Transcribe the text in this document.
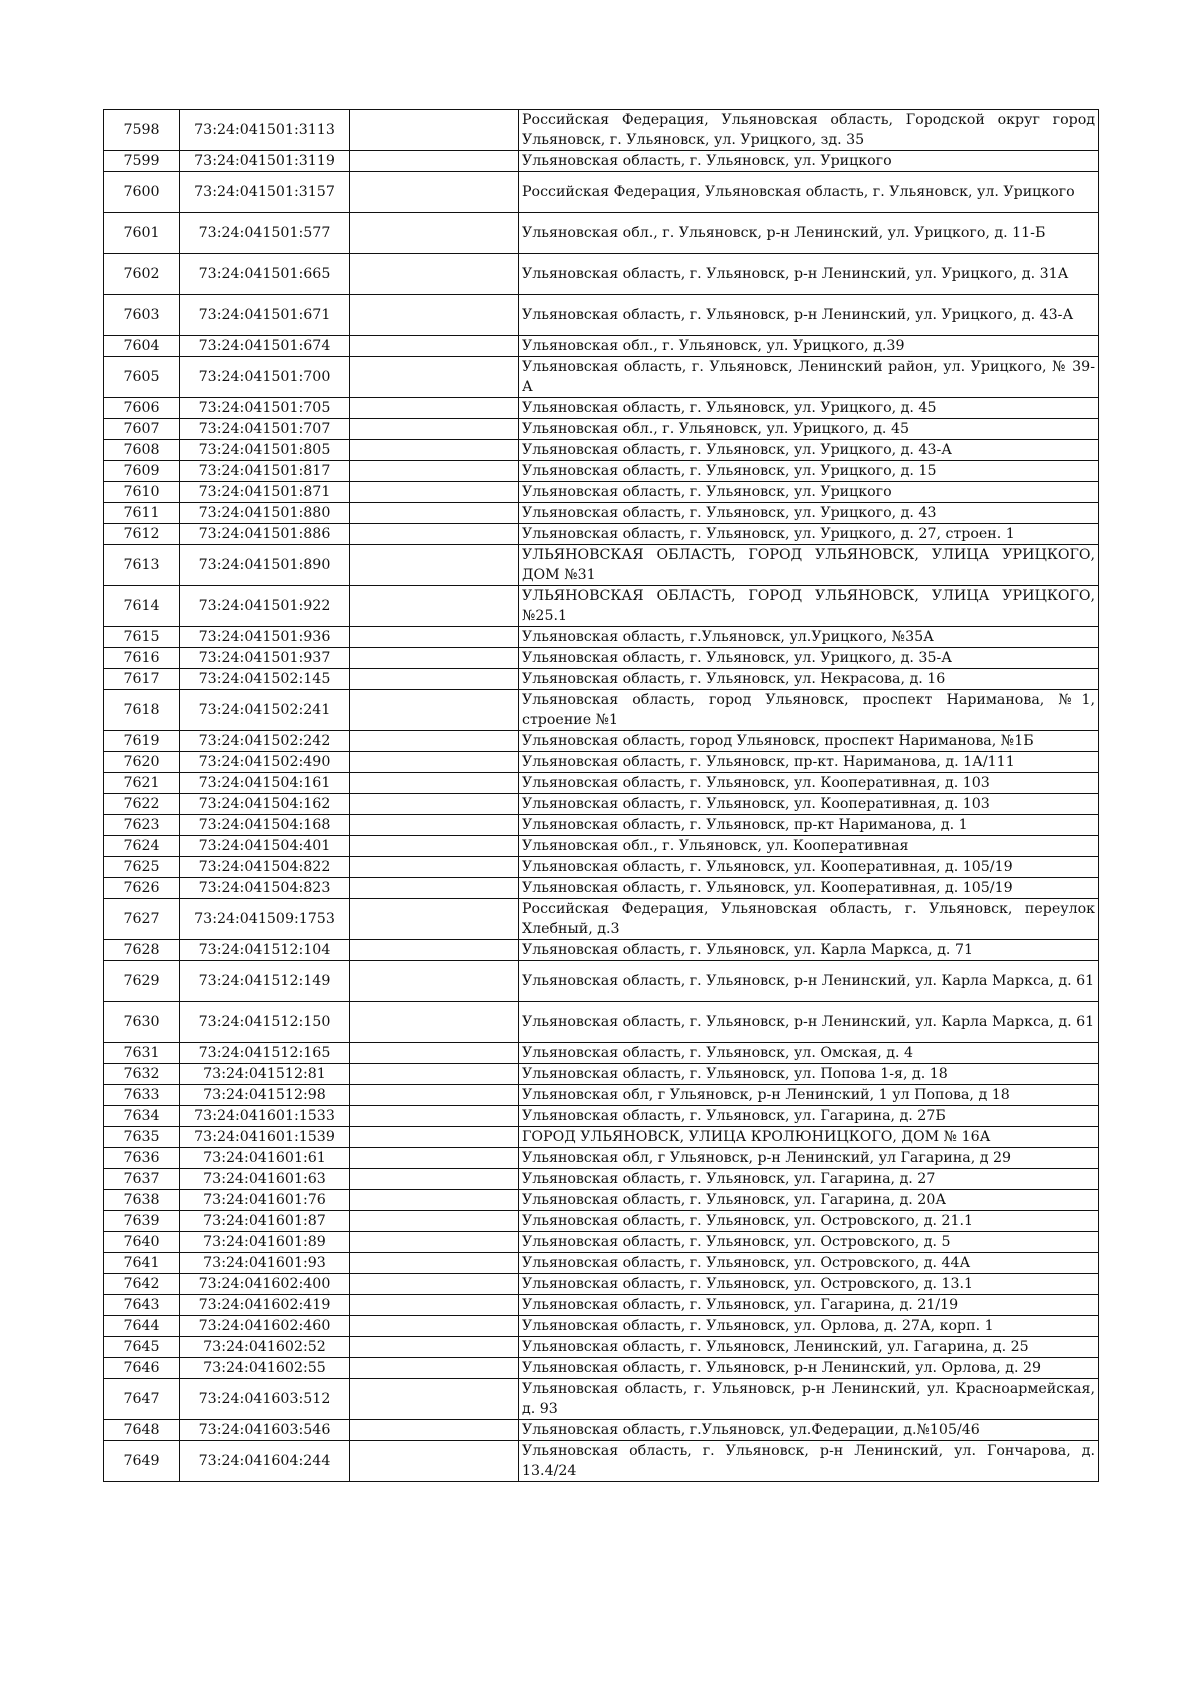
7598	73:24:041501:3113		Российская Федерация, Ульяновская область, Городской округ город Ульяновск, г. Ульяновск, ул. Урицкого, зд. 35
7599	73:24:041501:3119		Ульяновская область, г. Ульяновск, ул. Урицкого
7600	73:24:041501:3157		Российская Федерация, Ульяновская область, г. Ульяновск, ул. Урицкого
7601	73:24:041501:577		Ульяновская обл., г. Ульяновск, р-н Ленинский, ул. Урицкого, д. 11-Б
7602	73:24:041501:665		Ульяновская область, г. Ульяновск, р-н Ленинский, ул. Урицкого, д. 31А
7603	73:24:041501:671		Ульяновская область, г. Ульяновск, р-н Ленинский, ул. Урицкого, д. 43-А
7604	73:24:041501:674		Ульяновская обл., г. Ульяновск, ул. Урицкого, д.39
7605	73:24:041501:700		Ульяновская область, г. Ульяновск, Ленинский район, ул. Урицкого, № 39-А
7606	73:24:041501:705		Ульяновская область, г. Ульяновск, ул. Урицкого, д. 45
7607	73:24:041501:707		Ульяновская обл., г. Ульяновск, ул. Урицкого, д. 45
7608	73:24:041501:805		Ульяновская область, г. Ульяновск, ул. Урицкого, д. 43-А
7609	73:24:041501:817		Ульяновская область, г. Ульяновск, ул. Урицкого, д. 15
7610	73:24:041501:871		Ульяновская область, г. Ульяновск, ул. Урицкого
7611	73:24:041501:880		Ульяновская область, г. Ульяновск, ул. Урицкого, д. 43
7612	73:24:041501:886		Ульяновская область, г. Ульяновск, ул. Урицкого, д. 27, строен. 1
7613	73:24:041501:890		УЛЬЯНОВСКАЯ ОБЛАСТЬ, ГОРОД УЛЬЯНОВСК, УЛИЦА УРИЦКОГО, ДОМ №31
7614	73:24:041501:922		УЛЬЯНОВСКАЯ ОБЛАСТЬ, ГОРОД УЛЬЯНОВСК, УЛИЦА УРИЦКОГО, №25.1
7615	73:24:041501:936		Ульяновская область, г.Ульяновск, ул.Урицкого, №35А
7616	73:24:041501:937		Ульяновская область, г. Ульяновск, ул. Урицкого, д. 35-А
7617	73:24:041502:145		Ульяновская область, г. Ульяновск, ул. Некрасова, д. 16
7618	73:24:041502:241		Ульяновская область, город Ульяновск, проспект Нариманова, №1, строение №1
7619	73:24:041502:242		Ульяновская область, город Ульяновск, проспект Нариманова, №1Б
7620	73:24:041502:490		Ульяновская область, г. Ульяновск, пр-кт. Нариманова, д. 1А/111
7621	73:24:041504:161		Ульяновская область, г. Ульяновск, ул. Кооперативная, д. 103
7622	73:24:041504:162		Ульяновская область, г. Ульяновск, ул. Кооперативная, д. 103
7623	73:24:041504:168		Ульяновская область, г. Ульяновск, пр-кт Нариманова, д. 1
7624	73:24:041504:401		Ульяновская обл., г. Ульяновск, ул. Кооперативная
7625	73:24:041504:822		Ульяновская область, г. Ульяновск, ул. Кооперативная, д. 105/19
7626	73:24:041504:823		Ульяновская область, г. Ульяновск, ул. Кооперативная, д. 105/19
7627	73:24:041509:1753		Российская Федерация, Ульяновская область, г. Ульяновск, переулок Хлебный, д.3
7628	73:24:041512:104		Ульяновская область, г. Ульяновск, ул. Карла Маркса, д. 71
7629	73:24:041512:149		Ульяновская область, г. Ульяновск, р-н Ленинский, ул. Карла Маркса, д. 61
7630	73:24:041512:150		Ульяновская область, г. Ульяновск, р-н Ленинский, ул. Карла Маркса, д. 61
7631	73:24:041512:165		Ульяновская область, г. Ульяновск, ул. Омская, д. 4
7632	73:24:041512:81		Ульяновская область, г. Ульяновск, ул. Попова 1-я, д. 18
7633	73:24:041512:98		Ульяновская обл, г Ульяновск, р-н Ленинский, 1 ул Попова, д 18
7634	73:24:041601:1533		Ульяновская область, г. Ульяновск, ул. Гагарина, д. 27Б
7635	73:24:041601:1539		ГОРОД УЛЬЯНОВСК, УЛИЦА КРОЛЮНИЦКОГО, ДОМ № 16А
7636	73:24:041601:61		Ульяновская обл, г Ульяновск, р-н Ленинский, ул Гагарина, д 29
7637	73:24:041601:63		Ульяновская область, г. Ульяновск, ул. Гагарина, д. 27
7638	73:24:041601:76		Ульяновская область, г. Ульяновск, ул. Гагарина, д. 20А
7639	73:24:041601:87		Ульяновская область, г. Ульяновск, ул. Островского, д. 21.1
7640	73:24:041601:89		Ульяновская область, г. Ульяновск, ул. Островского, д. 5
7641	73:24:041601:93		Ульяновская область, г. Ульяновск, ул. Островского, д. 44А
7642	73:24:041602:400		Ульяновская область, г. Ульяновск, ул. Островского, д. 13.1
7643	73:24:041602:419		Ульяновская область, г. Ульяновск, ул. Гагарина, д. 21/19
7644	73:24:041602:460		Ульяновская область, г. Ульяновск, ул. Орлова, д. 27А, корп. 1
7645	73:24:041602:52		Ульяновская область, г. Ульяновск, Ленинский, ул. Гагарина, д. 25
7646	73:24:041602:55		Ульяновская область, г. Ульяновск, р-н Ленинский, ул. Орлова, д. 29
7647	73:24:041603:512		Ульяновская область, г. Ульяновск, р-н Ленинский, ул. Красноармейская, д. 93
7648	73:24:041603:546		Ульяновская область, г.Ульяновск, ул.Федерации, д.№105/46
7649	73:24:041604:244		Ульяновская область, г. Ульяновск, р-н Ленинский, ул. Гончарова, д. 13.4/24
